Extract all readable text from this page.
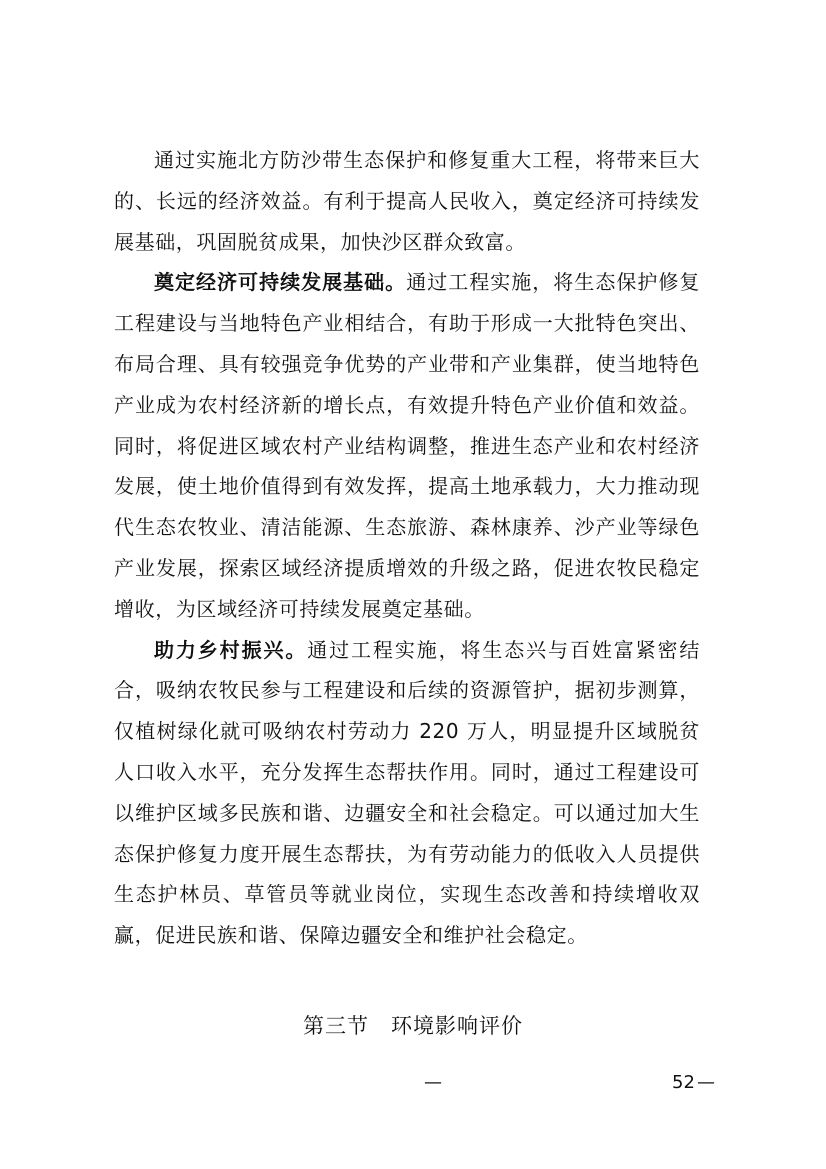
通过实施北方防沙带生态保护和修复重大工程，将带来巨大的、长远的经济效益。有利于提高人民收入，奠定经济可持续发展基础，巩固脱贫成果，加快沙区群众致富。

奠定经济可持续发展基础。通过工程实施，将生态保护修复工程建设与当地特色产业相结合，有助于形成一大批特色突出、布局合理、具有较强竞争优势的产业带和产业集群，使当地特色产业成为农村经济新的增长点，有效提升特色产业价值和效益。同时，将促进区域农村产业结构调整，推进生态产业和农村经济发展，使土地价值得到有效发挥，提高土地承载力，大力推动现代生态农牧业、清洁能源、生态旅游、森林康养、沙产业等绿色产业发展，探索区域经济提质增效的升级之路，促进农牧民稳定增收，为区域经济可持续发展奠定基础。

助力乡村振兴。通过工程实施，将生态兴与百姓富紧密结合，吸纳农牧民参与工程建设和后续的资源管护，据初步测算，仅植树绿化就可吸纳农村劳动力 220 万人，明显提升区域脱贫人口收入水平，充分发挥生态帮扶作用。同时，通过工程建设可以维护区域多民族和谐、边疆安全和社会稳定。可以通过加大生态保护修复力度开展生态帮扶，为有劳动能力的低收入人员提供生态护林员、草管员等就业岗位，实现生态改善和持续增收双赢，促进民族和谐、保障边疆安全和维护社会稳定。

第三节　环境影响评价
—	52 —
